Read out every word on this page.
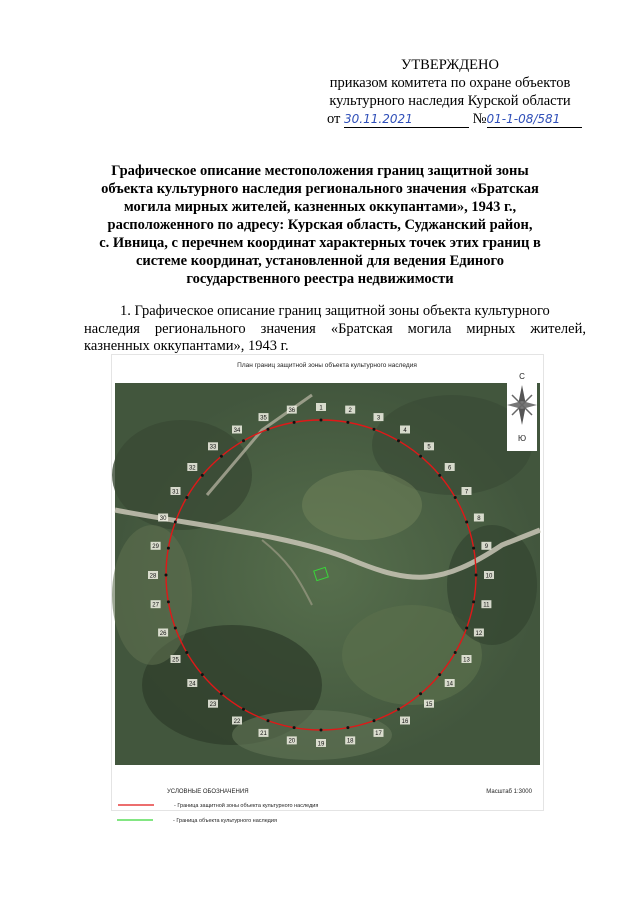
УТВЕРЖДЕНО
приказом комитета по охране объектов
культурного наследия Курской области
от 30.11.2021	№01-1-08/581
Графическое описание местоположения границ защитной зоны
объекта культурного наследия регионального значения «Братская
могила мирных жителей, казненных оккупантами», 1943 г.,
расположенного по адресу: Курская область, Суджанский район,
с. Ивница, с перечнем координат характерных точек этих границ в
системе координат, установленной для ведения Единого
государственного реестра недвижимости
1. Графическое описание границ защитной зоны объекта культурного
наследия регионального значения «Братская могила мирных жителей,
казненных оккупантами», 1943 г.
План границ защитной зоны объекта культурного наследия
С
Ю
1	2
3
4
5
6
7
8
9
10
11
12
13
14
15
16
17
18
19
20
21
22
23
24
25
26
27
28
29
30
31
32
33
34
35
36
УСЛОВНЫЕ ОБОЗНАЧЕНИЯ	Масштаб 1:3000
- Граница защитной зоны объекта культурного наследия
- Граница объекта культурного наследия
